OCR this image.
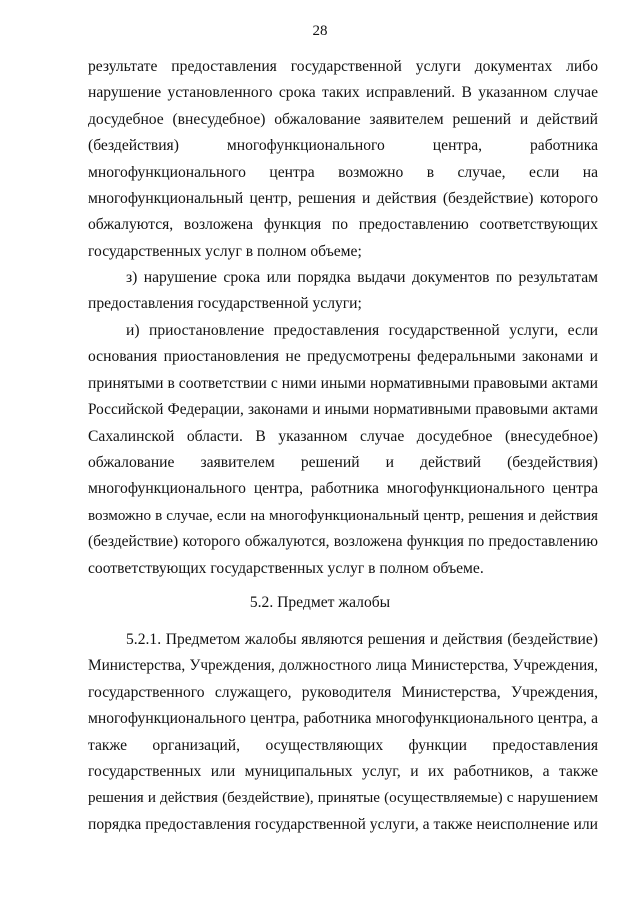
28
результате предоставления государственной услуги документах либо
нарушение установленного срока таких исправлений. В указанном случае
досудебное (внесудебное) обжалование заявителем решений и действий
(бездействия) многофункционального центра, работника
многофункционального центра возможно в случае, если на
многофункциональный центр, решения и действия (бездействие) которого
обжалуются, возложена функция по предоставлению соответствующих
государственных услуг в полном объеме;
з) нарушение срока или порядка выдачи документов по результатам
предоставления государственной услуги;
и) приостановление предоставления государственной услуги, если
основания приостановления не предусмотрены федеральными законами и
принятыми в соответствии с ними иными нормативными правовыми актами
Российской Федерации, законами и иными нормативными правовыми актами
Сахалинской области. В указанном случае досудебное (внесудебное)
обжалование заявителем решений и действий (бездействия)
многофункционального центра, работника многофункционального центра
возможно в случае, если на многофункциональный центр, решения и действия
(бездействие) которого обжалуются, возложена функция по предоставлению
соответствующих государственных услуг в полном объеме.
5.2. Предмет жалобы
5.2.1. Предметом жалобы являются решения и действия (бездействие)
Министерства, Учреждения, должностного лица Министерства, Учреждения,
государственного служащего, руководителя Министерства, Учреждения,
многофункционального центра, работника многофункционального центра, а
также организаций, осуществляющих функции предоставления
государственных или муниципальных услуг, и их работников, а также
решения и действия (бездействие), принятые (осуществляемые) с нарушением
порядка предоставления государственной услуги, а также неисполнение или
